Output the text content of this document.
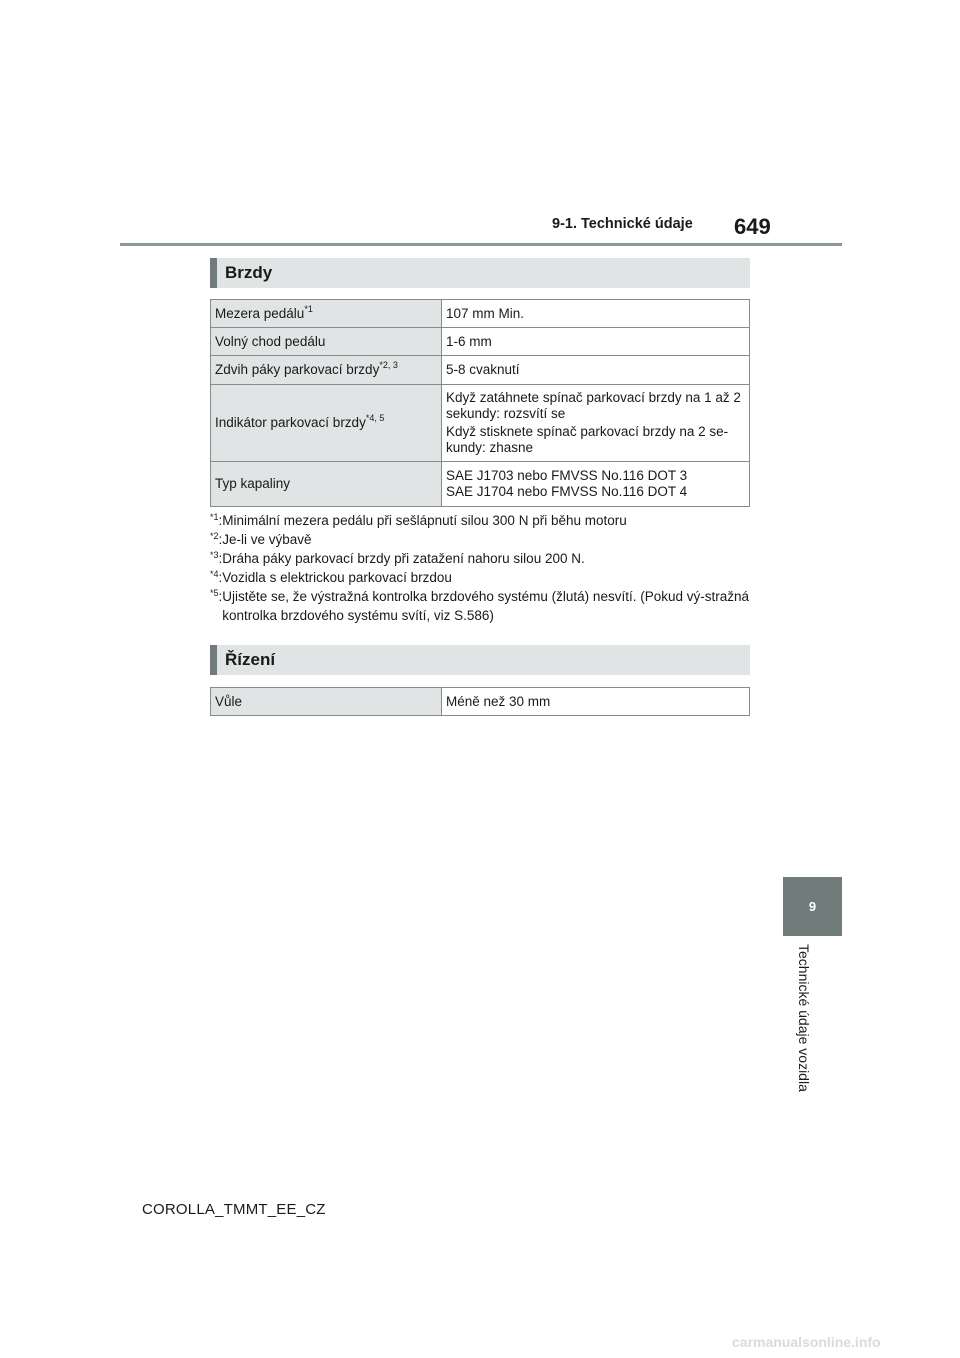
9-1. Technické údaje 649
9
Technické údaje vozidla
Brzdy
Mezera pedálu$^{*1}$	107 mm Min.

Volný chod pedálu	1-6 mm

Zdvih páky parkovací brzdy$^{*2, 3}$	5-8 cvaknutí

Indikátor parkovací brzdy$^{*4, 5}$	Když zatáhnete spínač parkovací brzdy na 1 až 2 sekundy: rozsvítí se
Když stisknete spínač parkovací brzdy na 2 se-kundy: zhasne

Typ kapaliny	SAE J1703 nebo FMVSS No.116 DOT 3
SAE J1704 nebo FMVSS No.116 DOT 4
$^{*1}$: Minimální mezera pedálu při sešlápnutí silou 300 N při běhu motoru
$^{*2}$: Je-li ve výbavě
$^{*3}$: Dráha páky parkovací brzdy při zatažení nahoru silou 200 N.
$^{*4}$: Vozidla s elektrickou parkovací brzdou
$^{*5}$: Ujistěte se, že výstražná kontrolka brzdového systému (žlutá) nesvítí. (Pokud vý-stražná kontrolka brzdového systému svítí, viz S.586)
Řízení
Vůle	Méně než 30 mm
COROLLA_TMMT_EE_CZ
carmanualsonline.info
